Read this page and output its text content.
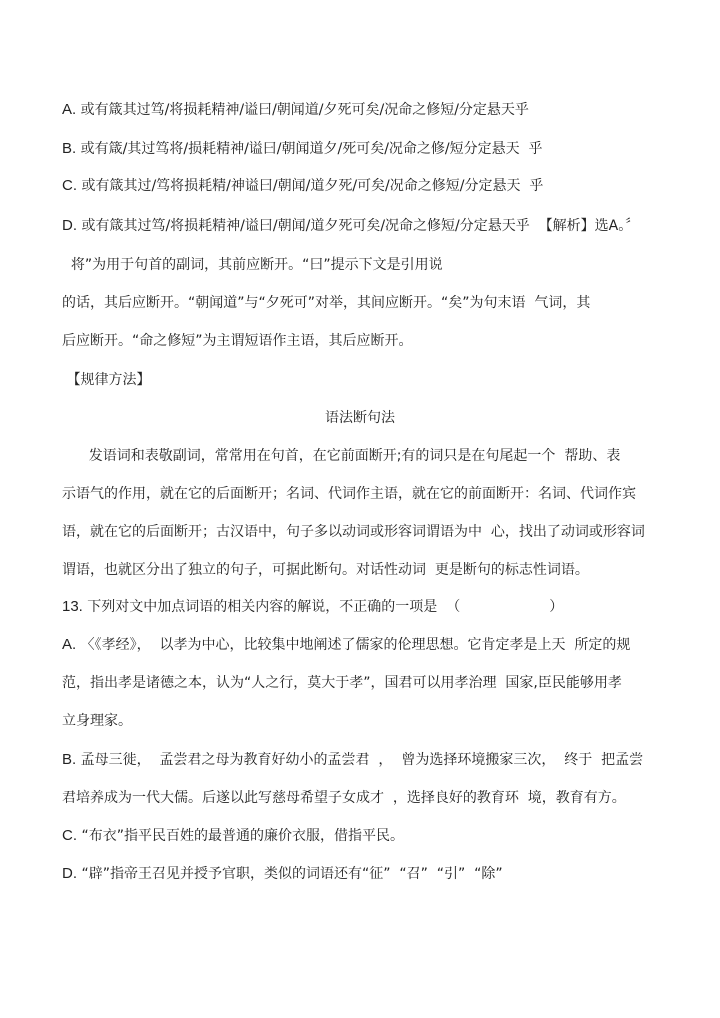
A. 或有箴其过笃/将损耗精神/谥曰/朝闻道/夕死可矣/况命之修短/分定悬天乎
B. 或有箴/其过笃将/损耗精神/谥曰/朝闻道夕/死可矣/况命之修/短分定悬天  乎
C. 或有箴其过/笃将损耗精/神谥曰/朝闻/道夕死/可矣/况命之修短/分定悬天  乎
D. 或有箴其过笃/将损耗精神/谥曰/朝闻/道夕死可矣/况命之修短/分定悬天乎  【解析】选A。〞
将”为用于句首的副词，其前应断开。“曰”提示下文是引用说
的话，其后应断开。“朝闻道”与“夕死可”对举，其间应断开。“矣”为句末语  气词，其
后应断开。“命之修短”为主谓短语作主语，其后应断开。
【规律方法】
语法断句法
发语词和表敬副词，常常用在句首，在它前面断开;有的词只是在句尾起一个  帮助、表
示语气的作用，就在它的后面断开；名词、代词作主语，就在它的前面断开：名词、代词作宾
语，就在它的后面断开；古汉语中，句子多以动词或形容词谓语为中  心，找出了动词或形容词
谓语，也就区分出了独立的句子，可据此断句。对话性动词  更是断句的标志性词语。
13. 下列对文中加点词语的相关内容的解说，不正确的一项是  （                    ）
A. 〈《孝经》，  以孝为中心，比较集中地阐述了儒家的伦理思想。它肯定孝是上天  所定的规
范，指出孝是诸德之本，认为“人之行，莫大于孝”，国君可以用孝治理  国家,臣民能够用孝
立身理家。
B. 孟母三徙，  孟尝君之母为教育好幼小的孟尝君  ，  曾为选择环境搬家三次，  终于  把孟尝
君培养成为一代大儒。后遂以此写慈母希望子女成才  ，选择良好的教育环  境，教育有方。
C. “布衣”指平民百姓的最普通的廉价衣服，借指平民。
D. “辟”指帝王召见并授予官职，类似的词语还有“征”  “召”  “引”  “除”
